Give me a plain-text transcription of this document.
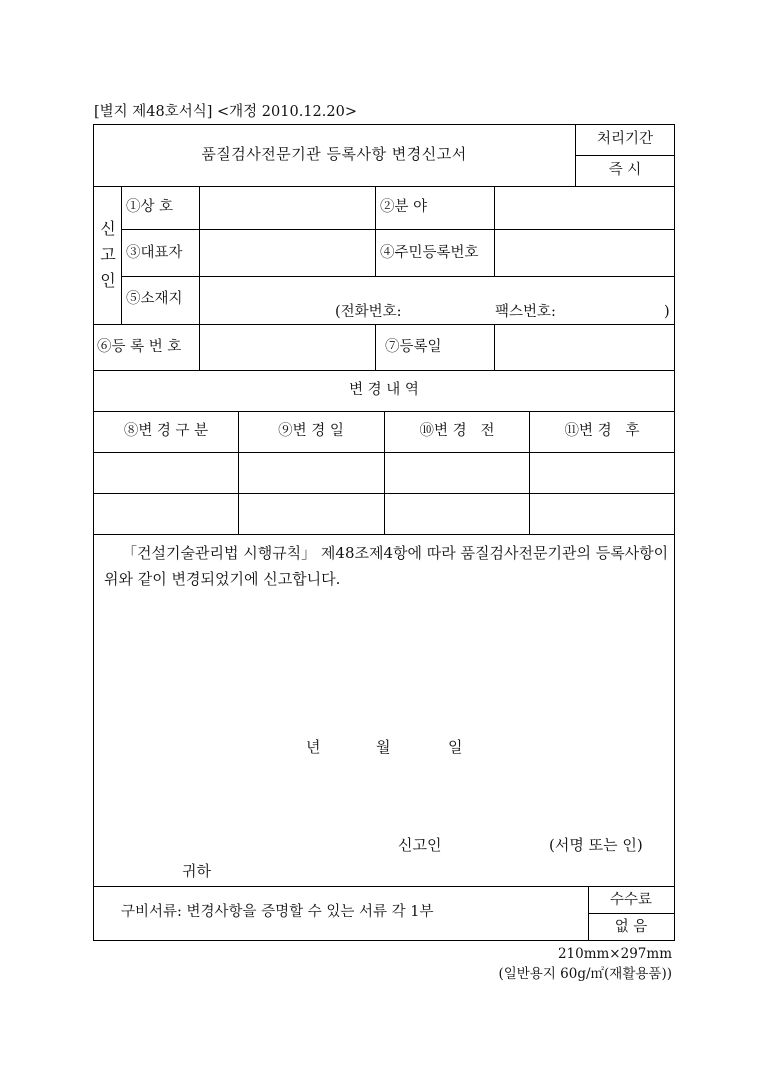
[별지 제48호서식] <개정 2010.12.20>
품질검사전문기관 등록사항 변경신고서
처리기간
즉 시
신
고
인
①상 호	②분 야
③대표자	④주민등록번호
⑤소재지
(전화번호:	팩스번호:	)
⑥등 록 번 호	⑦등록일
변 경 내 역
⑧변 경 구 분	⑨변 경 일	⑩변 경   전	⑪변 경   후
「건설기술관리법 시행규칙」 제48조제4항에 따라 품질검사전문기관의 등록사항이 위와 같이 변경되었기에 신고합니다.
년	월	일
신고인	(서명 또는 인)
귀하
구비서류: 변경사항을 증명할 수 있는 서류 각 1부
수수료
없 음
210mm×297mm
(일반용지 60g/㎡(재활용품))
